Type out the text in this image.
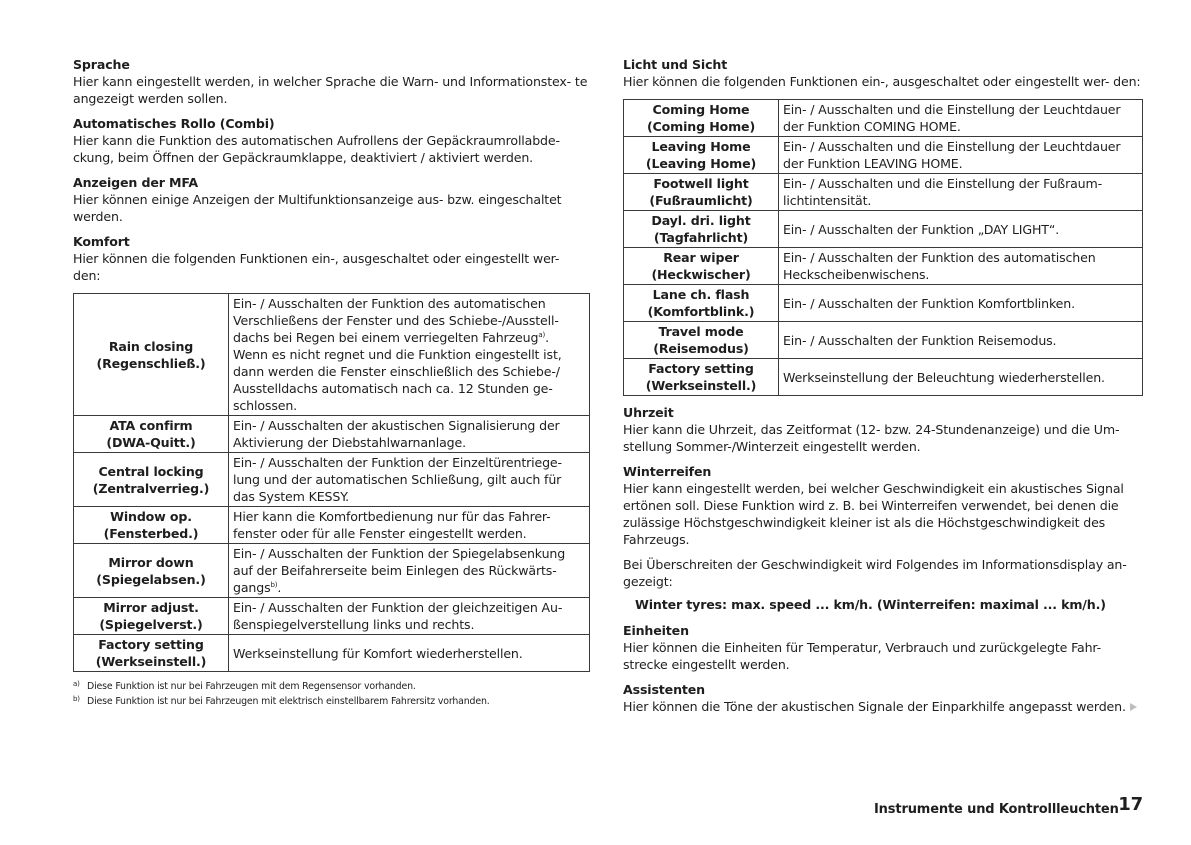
Sprache
Hier kann eingestellt werden, in welcher Sprache die Warn- und Informationstex- te angezeigt werden sollen.
Automatisches Rollo (Combi)
Hier kann die Funktion des automatischen Aufrollens der Gepäckraumrollabde- ckung, beim Öffnen der Gepäckraumklappe, deaktiviert / aktiviert werden.
Anzeigen der MFA
Hier können einige Anzeigen der Multifunktionsanzeige aus- bzw. eingeschaltet werden.
Komfort
Hier können die folgenden Funktionen ein-, ausgeschaltet oder eingestellt wer- den:
Rain closing
(Regenschließ.)	Ein- / Ausschalten der Funktion des automatischen Verschließens der Fenster und des Schiebe-/Ausstell- dachs bei Regen bei einem verriegelten Fahrzeug$^{a)}$. Wenn es nicht regnet und die Funktion eingestellt ist, dann werden die Fenster einschließlich des Schiebe-/ Ausstelldachs automatisch nach ca. 12 Stunden ge- schlossen.

ATA confirm
(DWA-Quitt.)	Ein- / Ausschalten der akustischen Signalisierung der Aktivierung der Diebstahlwarnanlage.

Central locking
(Zentralverrieg.)	Ein- / Ausschalten der Funktion der Einzeltürentriege- lung und der automatischen Schließung, gilt auch für das System KESSY.

Window op.
(Fensterbed.)	Hier kann die Komfortbedienung nur für das Fahrer- fenster oder für alle Fenster eingestellt werden.

Mirror down
(Spiegelabsen.)	Ein- / Ausschalten der Funktion der Spiegelabsenkung auf der Beifahrerseite beim Einlegen des Rückwärts- gangs$^{b)}$.

Mirror adjust.
(Spiegelverst.)	Ein- / Ausschalten der Funktion der gleichzeitigen Au- ßenspiegelverstellung links und rechts.

Factory setting
(Werkseinstell.)	Werkseinstellung für Komfort wiederherstellen.
a) Diese Funktion ist nur bei Fahrzeugen mit dem Regensensor vorhanden.
b) Diese Funktion ist nur bei Fahrzeugen mit elektrisch einstellbarem Fahrersitz vorhanden.
Licht und Sicht
Hier können die folgenden Funktionen ein-, ausgeschaltet oder eingestellt wer- den:
Coming Home
(Coming Home)	Ein- / Ausschalten und die Einstellung der Leuchtdauer der Funktion COMING HOME.

Leaving Home
(Leaving Home)	Ein- / Ausschalten und die Einstellung der Leuchtdauer der Funktion LEAVING HOME.

Footwell light
(Fußraumlicht)	Ein- / Ausschalten und die Einstellung der Fußraum- lichtintensität.

Dayl. dri. light
(Tagfahrlicht)	Ein- / Ausschalten der Funktion „DAY LIGHT“.

Rear wiper
(Heckwischer)	Ein- / Ausschalten der Funktion des automatischen Heckscheibenwischens.

Lane ch. flash
(Komfortblink.)	Ein- / Ausschalten der Funktion Komfortblinken.

Travel mode
(Reisemodus)	Ein- / Ausschalten der Funktion Reisemodus.

Factory setting
(Werkseinstell.)	Werkseinstellung der Beleuchtung wiederherstellen.
Uhrzeit
Hier kann die Uhrzeit, das Zeitformat (12- bzw. 24-Stundenanzeige) und die Um- stellung Sommer-/Winterzeit eingestellt werden.
Winterreifen
Hier kann eingestellt werden, bei welcher Geschwindigkeit ein akustisches Signal ertönen soll. Diese Funktion wird z. B. bei Winterreifen verwendet, bei denen die zulässige Höchstgeschwindigkeit kleiner ist als die Höchstgeschwindigkeit des Fahrzeugs.
Bei Überschreiten der Geschwindigkeit wird Folgendes im Informationsdisplay an- gezeigt:
Winter tyres: max. speed ... km/h. (Winterreifen: maximal ... km/h.)
Einheiten
Hier können die Einheiten für Temperatur, Verbrauch und zurückgelegte Fahr- strecke eingestellt werden.
Assistenten
Hier können die Töne der akustischen Signale der Einparkhilfe angepasst werden.
Instrumente und Kontrollleuchten 17
